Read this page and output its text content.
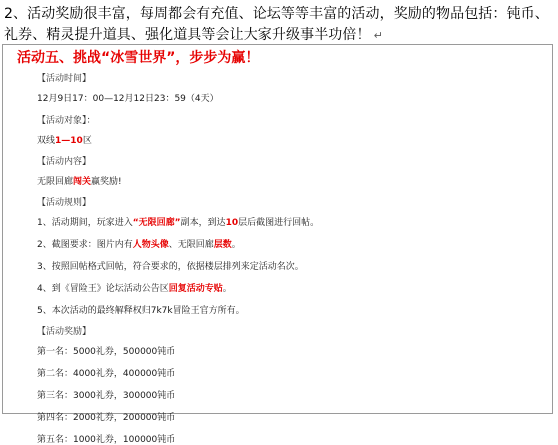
2、活动奖励很丰富，每周都会有充值、论坛等等丰富的活动，奖励的物品包括：钝币、礼券、精灵提升道具、强化道具等会让大家升级事半功倍！ ↵
活动五、挑战“冰雪世界”，步步为赢！
【活动时间】
12月9日17：00—12月12日23：59（4天）
【活动对象】：
双线1—10区
【活动内容】
无限回廊闯关赢奖励!
【活动规则】
1、活动期间，玩家进入“无限回廊”副本，到达10层后截图进行回帖。
2、截图要求：图片内有人物头像、无限回廊层数。
3、按照回帖格式回帖，符合要求的，依据楼层排列来定活动名次。
4、到《冒险王》论坛活动公告区回复活动专贴。
5、本次活动的最终解释权归7k7k冒险王官方所有。
【活动奖励】
第一名：5000礼券，500000钝币
第二名：4000礼券，400000钝币
第三名：3000礼券，300000钝币
第四名：2000礼券，200000钝币
第五名：1000礼券，100000钝币
